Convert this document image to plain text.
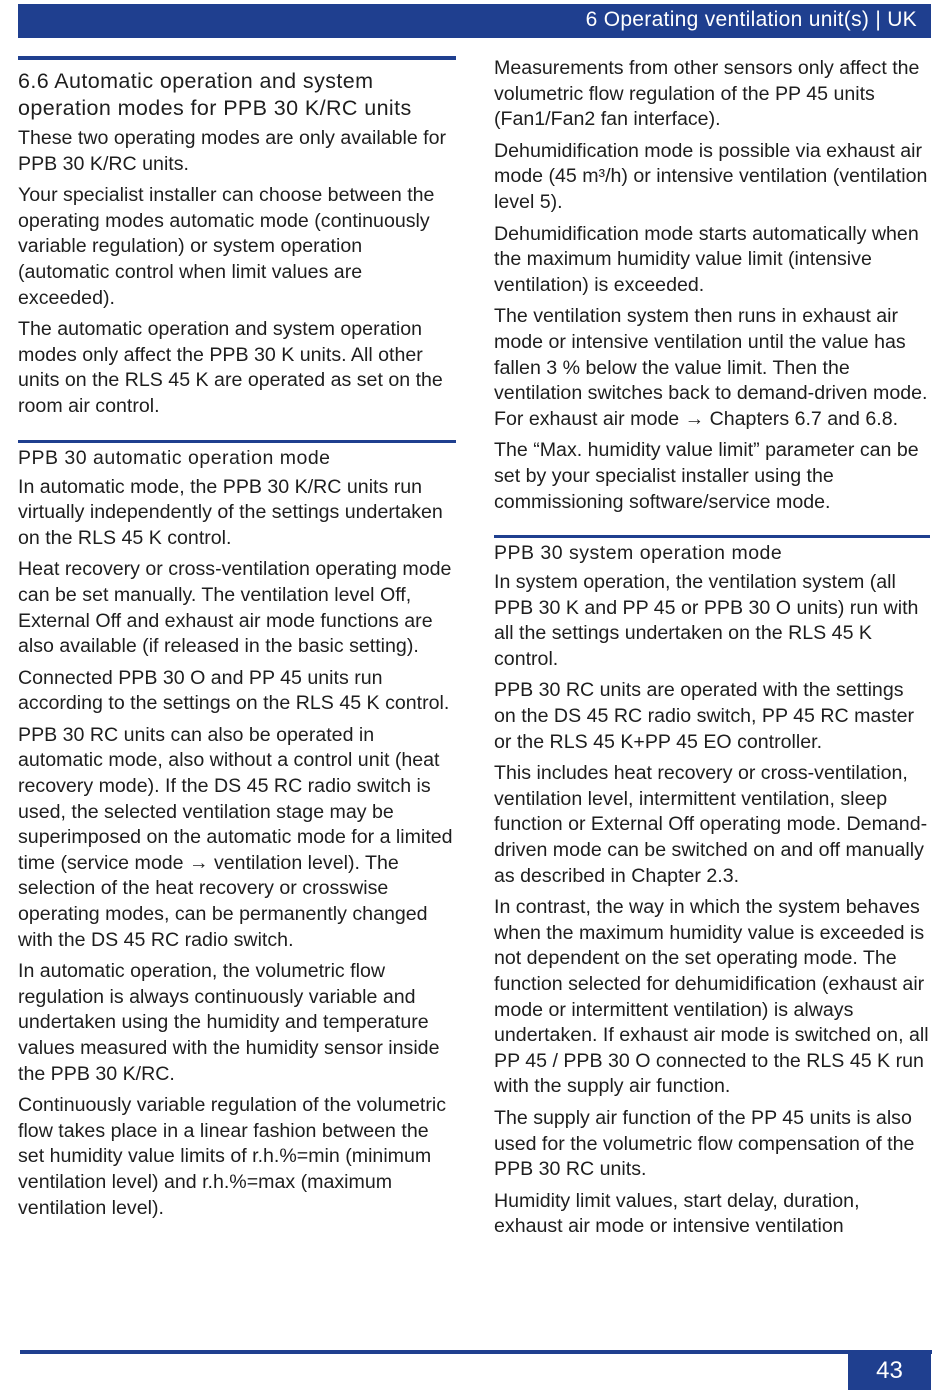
6 Operating ventilation unit(s) | UK
6.6 Automatic operation and system operation modes for PPB 30 K/RC units

These two operating modes are only available for PPB 30 K/RC units.

Your specialist installer can choose between the operating modes automatic mode (continuously variable regulation) or system operation (automatic control when limit values are exceeded).

The automatic operation and system operation modes only affect the PPB 30 K units. All other units on the RLS 45 K are operated as set on the room air control.

PPB 30 automatic operation mode

In automatic mode, the PPB 30 K/RC units run virtually independently of the settings undertaken on the RLS 45 K control.

Heat recovery or cross-ventilation operating mode can be set manually. The ventilation level Off, External Off and exhaust air mode functions are also available (if released in the basic setting).

Connected PPB 30 O and PP 45 units run according to the settings on the RLS 45 K control.

PPB 30 RC units can also be operated in automatic mode, also without a control unit (heat recovery mode). If the DS 45 RC radio switch is used, the selected ventilation stage may be superimposed on the automatic mode for a limited time (service mode → ventilation level). The selection of the heat recovery or crosswise operating modes, can be permanently changed with the DS 45 RC radio switch.

In automatic operation, the volumetric flow regulation is always continuously variable and undertaken using the humidity and temperature values measured with the humidity sensor inside the PPB 30 K/RC.

Continuously variable regulation of the volumetric flow takes place in a linear fashion between the set humidity value limits of r.h.%=min (minimum ventilation level) and r.h.%=max (maximum ventilation level).

Measurements from other sensors only affect the volumetric flow regulation of the PP 45 units (Fan1/Fan2 fan interface).

Dehumidification mode is possible via exhaust air mode (45 m³/h) or intensive ventilation (ventilation level 5).

Dehumidification mode starts automatically when the maximum humidity value limit (intensive ventilation) is exceeded.

The ventilation system then runs in exhaust air mode or intensive ventilation until the value has fallen 3 % below the value limit. Then the ventilation switches back to demand-driven mode. For exhaust air mode → Chapters 6.7 and 6.8.

The “Max. humidity value limit” parameter can be set by your specialist installer using the commissioning software/service mode.

PPB 30 system operation mode

In system operation, the ventilation system (all PPB 30 K and PP 45 or PPB 30 O units) run with all the settings undertaken on the RLS 45 K control.

PPB 30 RC units are operated with the settings on the DS 45 RC radio switch, PP 45 RC master or the RLS 45 K+PP 45 EO controller.

This includes heat recovery or cross-ventilation, ventilation level, intermittent ventilation, sleep function or External Off operating mode. Demand-driven mode can be switched on and off manually as described in Chapter 2.3.

In contrast, the way in which the system behaves when the maximum humidity value is exceeded is not dependent on the set operating mode. The function selected for dehumidification (exhaust air mode or intermittent ventilation) is always undertaken. If exhaust air mode is switched on, all PP 45 / PPB 30 O connected to the RLS 45 K run with the supply air function.

The supply air function of the PP 45 units is also used for the volumetric flow compensation of the PPB 30 RC units.

Humidity limit values, start delay, duration, exhaust air mode or intensive ventilation

43
